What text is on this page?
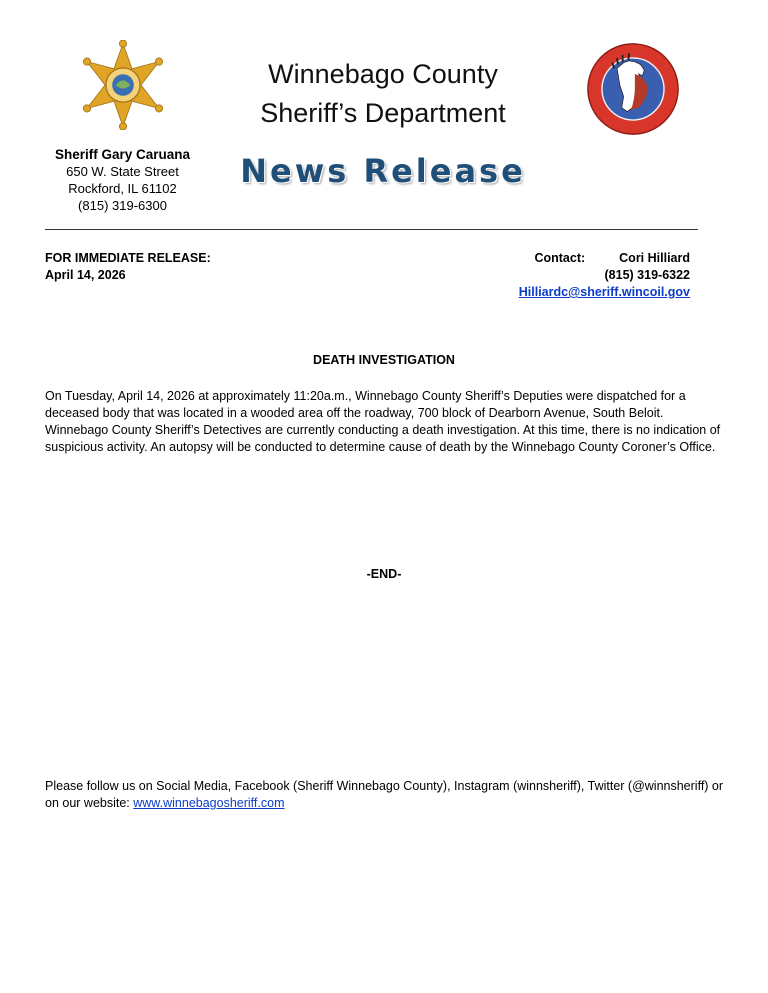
Winnebago County
Sheriff’s Department
Sheriff Gary Caruana
650 W. State Street
Rockford, IL 61102
(815) 319-6300
News Release
FOR IMMEDIATE RELEASE:
April 14, 2026
Contact:	Cori Hilliard
(815) 319-6322
Hilliardc@sheriff.wincoil.gov
DEATH INVESTIGATION
On Tuesday, April 14, 2026 at approximately 11:20a.m., Winnebago County Sheriff’s Deputies were dispatched for a deceased body that was located in a wooded area off the roadway, 700 block of Dearborn Avenue, South Beloit. Winnebago County Sheriff’s Detectives are currently conducting a death investigation. At this time, there is no indication of suspicious activity. An autopsy will be conducted to determine cause of death by the Winnebago County Coroner’s Office.
-END-
Please follow us on Social Media, Facebook (Sheriff Winnebago County), Instagram (winnsheriff), Twitter (@winnsheriff) or on our website: www.winnebagosheriff.com
